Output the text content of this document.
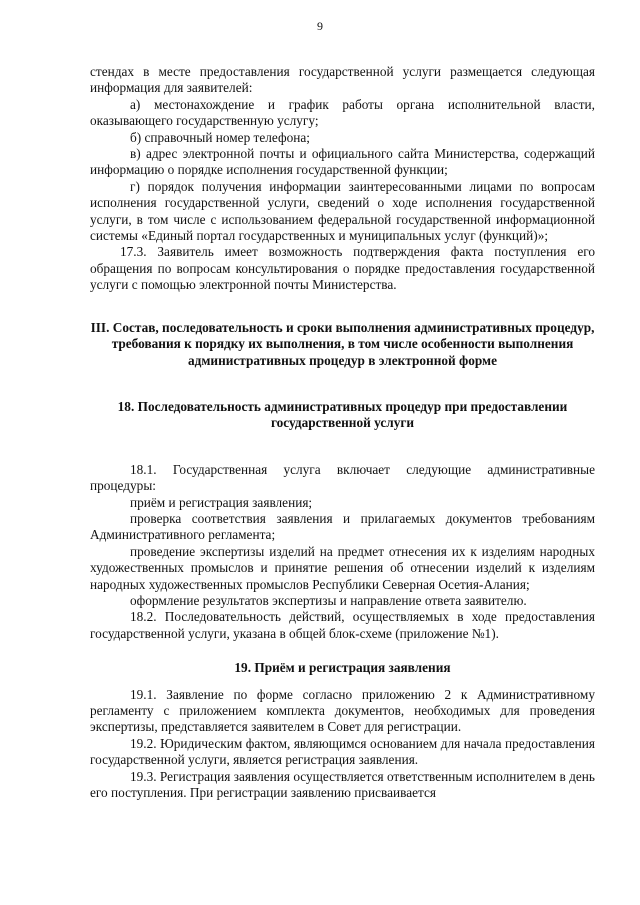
9

стендах в месте предоставления государственной услуги размещается следующая информация для заявителей:

а) местонахождение и график работы органа исполнительной власти, оказывающего государственную услугу;

б) справочный номер телефона;

в) адрес электронной почты и официального сайта Министерства, содержащий информацию о порядке исполнения государственной функции;

г) порядок получения информации заинтересованными лицами по вопросам исполнения государственной услуги, сведений о ходе исполнения государственной услуги, в том числе с использованием федеральной государственной информационной системы «Единый портал государственных и муниципальных услуг (функций)»;

17.3. Заявитель имеет возможность подтверждения факта поступления его обращения по вопросам консультирования о порядке предоставления государственной услуги с помощью электронной почты Министерства.

III. Состав, последовательность и сроки выполнения административных процедур, требования к порядку их выполнения, в том числе особенности выполнения административных процедур в электронной форме

18. Последовательность административных процедур при предоставлении государственной услуги

18.1. Государственная услуга включает следующие административные процедуры:

приём и регистрация заявления;

проверка соответствия заявления и прилагаемых документов требованиям Административного регламента;

проведение экспертизы изделий на предмет отнесения их к изделиям народных художественных промыслов и принятие решения об отнесении изделий к изделиям народных художественных промыслов Республики Северная Осетия-Алания;

оформление результатов экспертизы и направление ответа заявителю.

18.2. Последовательность действий, осуществляемых в ходе предоставления государственной услуги, указана в общей блок-схеме (приложение №1).

19. Приём и регистрация заявления

19.1. Заявление по форме согласно приложению 2 к Административному регламенту с приложением комплекта документов, необходимых для проведения экспертизы, представляется заявителем в Совет для регистрации.

19.2. Юридическим фактом, являющимся основанием для начала предоставления государственной услуги, является регистрация заявления.

19.3. Регистрация заявления осуществляется ответственным исполнителем в день его поступления. При регистрации заявлению присваивается
